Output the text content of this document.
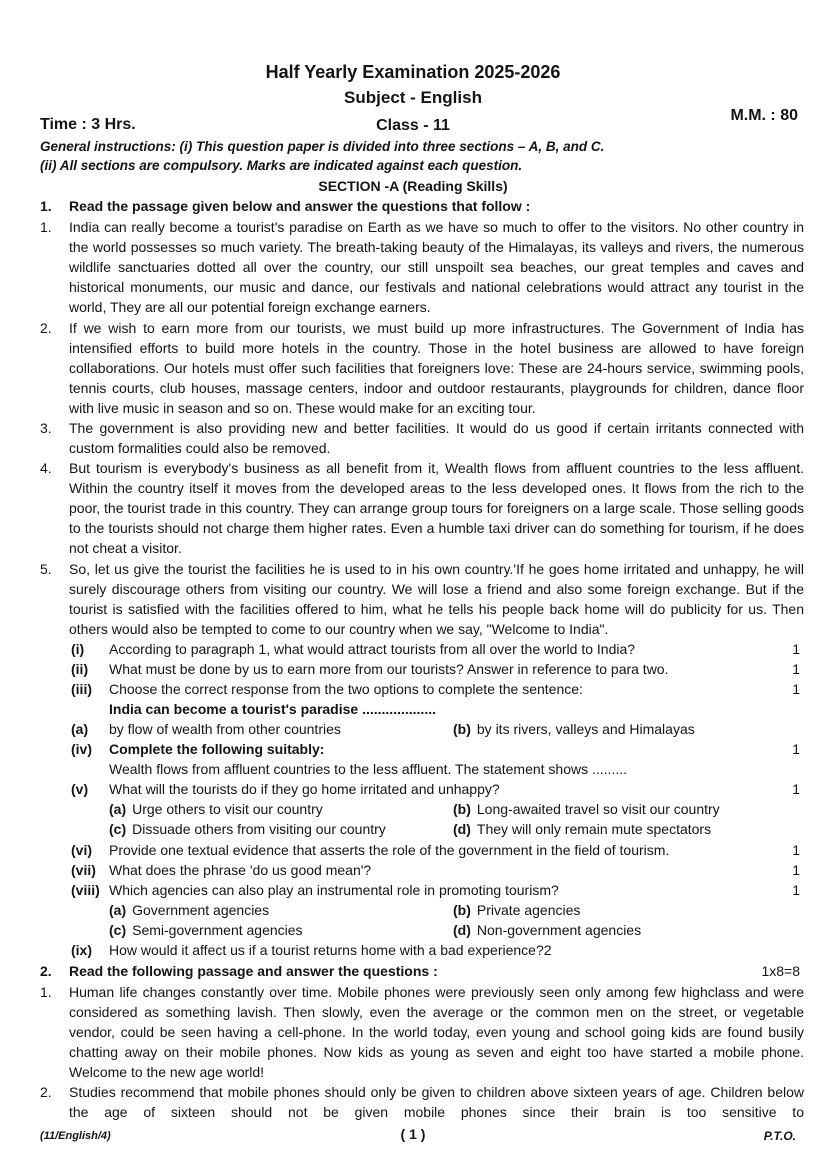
Half Yearly Examination 2025-2026
Subject - English
M.M. : 80
Time : 3 Hrs.	Class - 11
General instructions: (i) This question paper is divided into three sections – A, B, and C.
(ii) All sections are compulsory. Marks are indicated against each question.
SECTION -A (Reading Skills)
1. Read the passage given below and answer the questions that follow :
1. India can really become a tourist's paradise on Earth as we have so much to offer to the visitors. No other country in the world possesses so much variety. The breath-taking beauty of the Himalayas, its valleys and rivers, the numerous wildlife sanctuaries dotted all over the country, our still unspoilt sea beaches, our great temples and caves and historical monuments, our music and dance, our festivals and national celebrations would attract any tourist in the world, They are all our potential foreign exchange earners.
2. If we wish to earn more from our tourists, we must build up more infrastructures. The Government of India has intensified efforts to build more hotels in the country. Those in the hotel business are allowed to have foreign collaborations. Our hotels must offer such facilities that foreigners love: These are 24-hours service, swimming pools, tennis courts, club houses, massage centers, indoor and outdoor restaurants, playgrounds for children, dance floor with live music in season and so on. These would make for an exciting tour.
3. The government is also providing new and better facilities. It would do us good if certain irritants connected with custom formalities could also be removed.
4. But tourism is everybody's business as all benefit from it, Wealth flows from affluent countries to the less affluent. Within the country itself it moves from the developed areas to the less developed ones. It flows from the rich to the poor, the tourist trade in this country. They can arrange group tours for foreigners on a large scale. Those selling goods to the tourists should not charge them higher rates. Even a humble taxi driver can do something for tourism, if he does not cheat a visitor.
5. So, let us give the tourist the facilities he is used to in his own country.'If he goes home irritated and unhappy, he will surely discourage others from visiting our country. We will lose a friend and also some foreign exchange. But if the tourist is satisfied with the facilities offered to him, what he tells his people back home will do publicity for us. Then others would also be tempted to come to our country when we say, "Welcome to India".
(i) According to paragraph 1, what would attract tourists from all over the world to India?	1
(ii) What must be done by us to earn more from our tourists? Answer in reference to para two.	1
(iii) Choose the correct response from the two options to complete the sentence:	1
India can become a tourist's paradise ...................
(a) by flow of wealth from other countries	(b) by its rivers, valleys and Himalayas
(iv) Complete the following suitably:	1
Wealth flows from affluent countries to the less affluent. The statement shows .........
(v) What will the tourists do if they go home irritated and unhappy?	1
(a) Urge others to visit our country	(b) Long-awaited travel so visit our country
(c) Dissuade others from visiting our country	(d) They will only remain mute spectators
(vi) Provide one textual evidence that asserts the role of the government in the field of tourism.	1
(vii) What does the phrase 'do us good mean'?	1
(viii) Which agencies can also play an instrumental role in promoting tourism?	1
(a) Government agencies	(b) Private agencies
(c) Semi-government agencies	(d) Non-government agencies
(ix) How would it affect us if a tourist returns home with a bad experience?2
2. Read the following passage and answer the questions :	1x8=8
1. Human life changes constantly over time. Mobile phones were previously seen only among few highclass and were considered as something lavish. Then slowly, even the average or the common men on the street, or vegetable vendor, could be seen having a cell-phone. In the world today, even young and school going kids are found busily chatting away on their mobile phones. Now kids as young as seven and eight too have started a mobile phone. Welcome to the new age world!
2. Studies recommend that mobile phones should only be given to children above sixteen years of age. Children below the age of sixteen should not be given mobile phones since their brain is too sensitive to
(11/English/4)	( 1 )	P.T.O.
